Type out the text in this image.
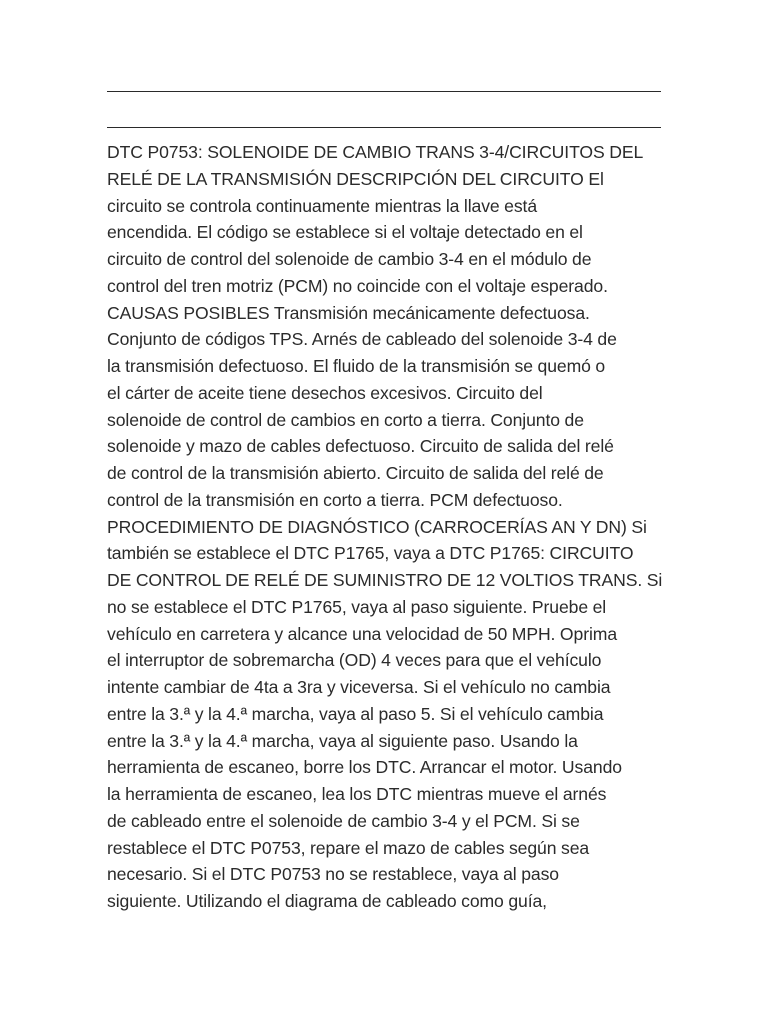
DTC P0753: SOLENOIDE DE CAMBIO TRANS 3-4/CIRCUITOS DEL
RELÉ DE LA TRANSMISIÓN DESCRIPCIÓN DEL CIRCUITO El
circuito se controla continuamente mientras la llave está
encendida. El código se establece si el voltaje detectado en el
circuito de control del solenoide de cambio 3-4 en el módulo de
control del tren motriz (PCM) no coincide con el voltaje esperado.
CAUSAS POSIBLES Transmisión mecánicamente defectuosa.
Conjunto de códigos TPS. Arnés de cableado del solenoide 3-4 de
la transmisión defectuoso. El fluido de la transmisión se quemó o
el cárter de aceite tiene desechos excesivos. Circuito del
solenoide de control de cambios en corto a tierra. Conjunto de
solenoide y mazo de cables defectuoso. Circuito de salida del relé
de control de la transmisión abierto. Circuito de salida del relé de
control de la transmisión en corto a tierra. PCM defectuoso.
PROCEDIMIENTO DE DIAGNÓSTICO (CARROCERÍAS AN Y DN) Si
también se establece el DTC P1765, vaya a DTC P1765: CIRCUITO
DE CONTROL DE RELÉ DE SUMINISTRO DE 12 VOLTIOS TRANS. Si
no se establece el DTC P1765, vaya al paso siguiente. Pruebe el
vehículo en carretera y alcance una velocidad de 50 MPH. Oprima
el interruptor de sobremarcha (OD) 4 veces para que el vehículo
intente cambiar de 4ta a 3ra y viceversa. Si el vehículo no cambia
entre la 3.ª y la 4.ª marcha, vaya al paso 5. Si el vehículo cambia
entre la 3.ª y la 4.ª marcha, vaya al siguiente paso. Usando la
herramienta de escaneo, borre los DTC. Arrancar el motor. Usando
la herramienta de escaneo, lea los DTC mientras mueve el arnés
de cableado entre el solenoide de cambio 3-4 y el PCM. Si se
restablece el DTC P0753, repare el mazo de cables según sea
necesario. Si el DTC P0753 no se restablece, vaya al paso
siguiente. Utilizando el diagrama de cableado como guía,
